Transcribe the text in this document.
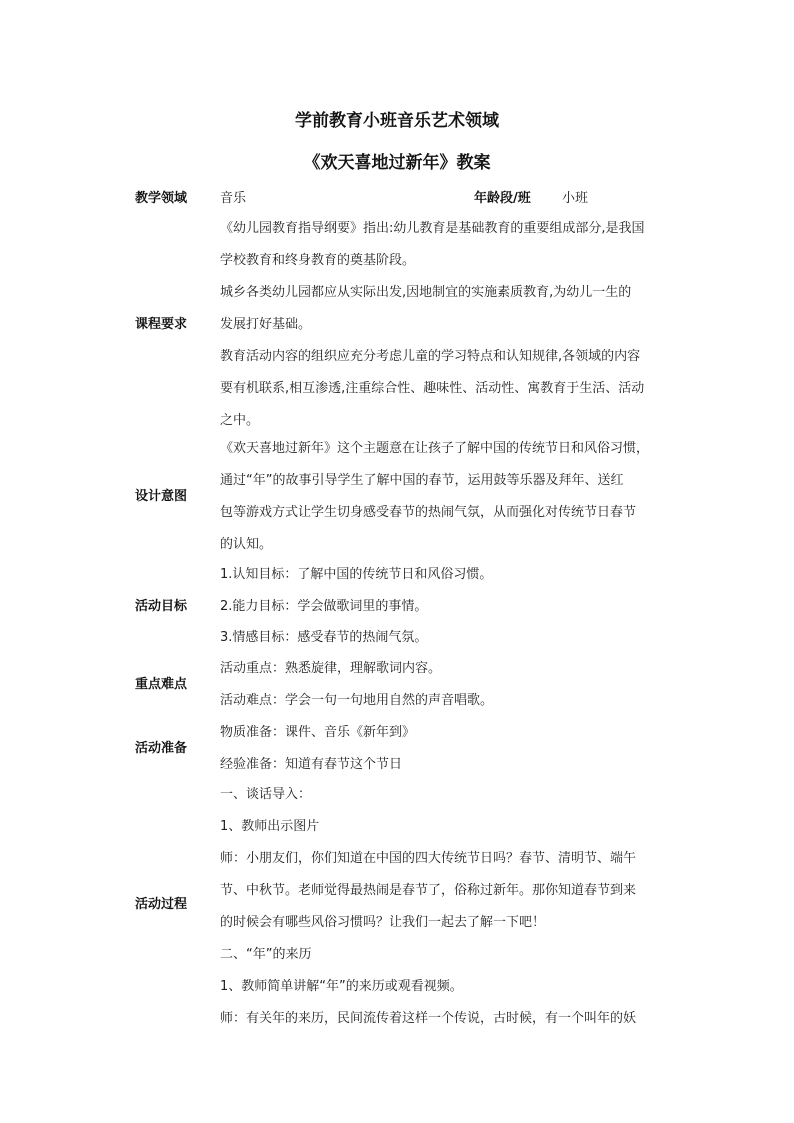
学前教育小班音乐艺术领域
《欢天喜地过新年》教案
教学领域	音乐	年龄段/班 小班
课程要求
《幼儿园教育指导纲要》指出:幼儿教育是基础教育的重要组成部分,是我国
学校教育和终身教育的奠基阶段。
城乡各类幼儿园都应从实际出发,因地制宜的实施素质教育,为幼儿一生的
发展打好基础。
教育活动内容的组织应充分考虑儿童的学习特点和认知规律,各领域的内容
要有机联系,相互渗透,注重综合性、趣味性、活动性、寓教育于生活、活动
之中。
设计意图
《欢天喜地过新年》这个主题意在让孩子了解中国的传统节日和风俗习惯，
通过“年”的故事引导学生了解中国的春节，运用鼓等乐器及拜年、送红
包等游戏方式让学生切身感受春节的热闹气氛，从而强化对传统节日春节
的认知。
活动目标
1.认知目标：了解中国的传统节日和风俗习惯。
2.能力目标：学会做歌词里的事情。
3.情感目标：感受春节的热闹气氛。
重点难点
活动重点：熟悉旋律，理解歌词内容。
活动难点：学会一句一句地用自然的声音唱歌。
活动准备
物质准备：课件、音乐《新年到》
经验准备：知道有春节这个节日
活动过程
一、谈话导入：
1、教师出示图片
师：小朋友们，你们知道在中国的四大传统节日吗？春节、清明节、端午
节、中秋节。老师觉得最热闹是春节了，俗称过新年。那你知道春节到来
的时候会有哪些风俗习惯吗？让我们一起去了解一下吧！
二、“年”的来历
1、教师简单讲解“年”的来历或观看视频。
师：有关年的来历，民间流传着这样一个传说，古时候，有一个叫年的妖
